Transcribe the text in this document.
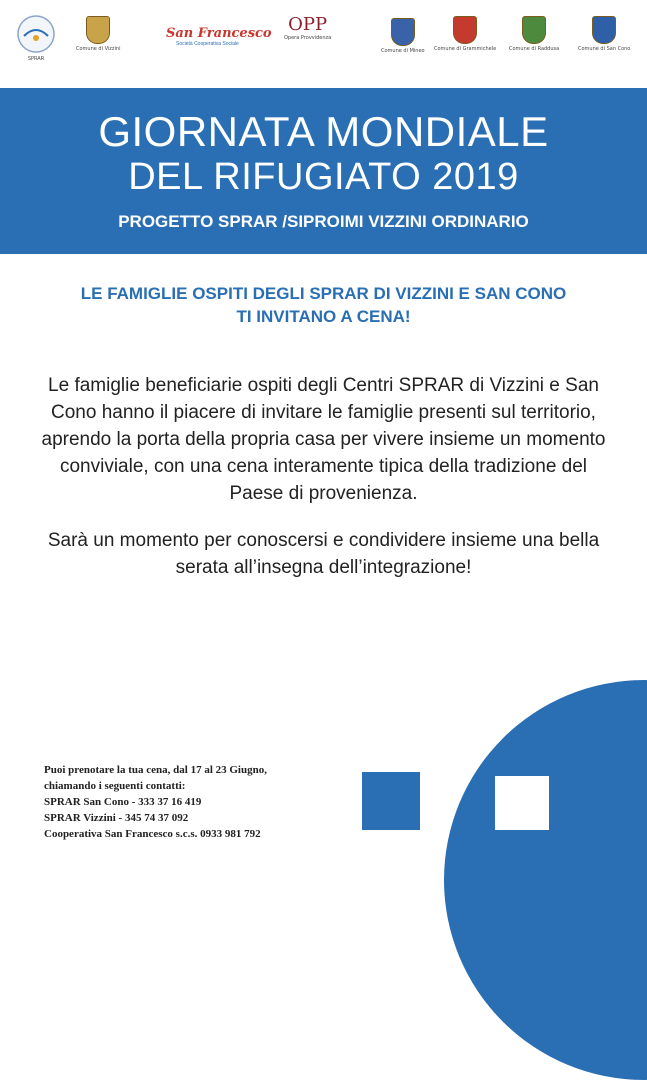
SPRAR
Comune di Vizzini
San Francesco
Società Cooperativa Sociale
OPP
Opera Provvidenza
Comune di Mineo Comune di Grammichele	Comune di Raddusa	Comune di San Cono
GIORNATA MONDIALE
DEL RIFUGIATO 2019
PROGETTO SPRAR /SIPROIMI VIZZINI ORDINARIO
LE FAMIGLIE OSPITI DEGLI SPRAR DI VIZZINI E SAN CONO
TI INVITANO A CENA!

Le famiglie beneficiarie ospiti degli Centri SPRAR di Vizzini e San Cono hanno il piacere di invitare le famiglie presenti sul territorio, aprendo la porta della propria casa per vivere insieme un momento conviviale, con una cena interamente tipica della tradizione del Paese di provenienza.

Sarà un momento per conoscersi e condividere insieme una bella serata all’insegna dell’integrazione!

Puoi prenotare la tua cena, dal 17 al 23 Giugno,
chiamando i seguenti contatti:
SPRAR San Cono - 333 37 16 419
SPRAR Vizzini - 345 74 37 092
Cooperativa San Francesco s.c.s. 0933 981 792
